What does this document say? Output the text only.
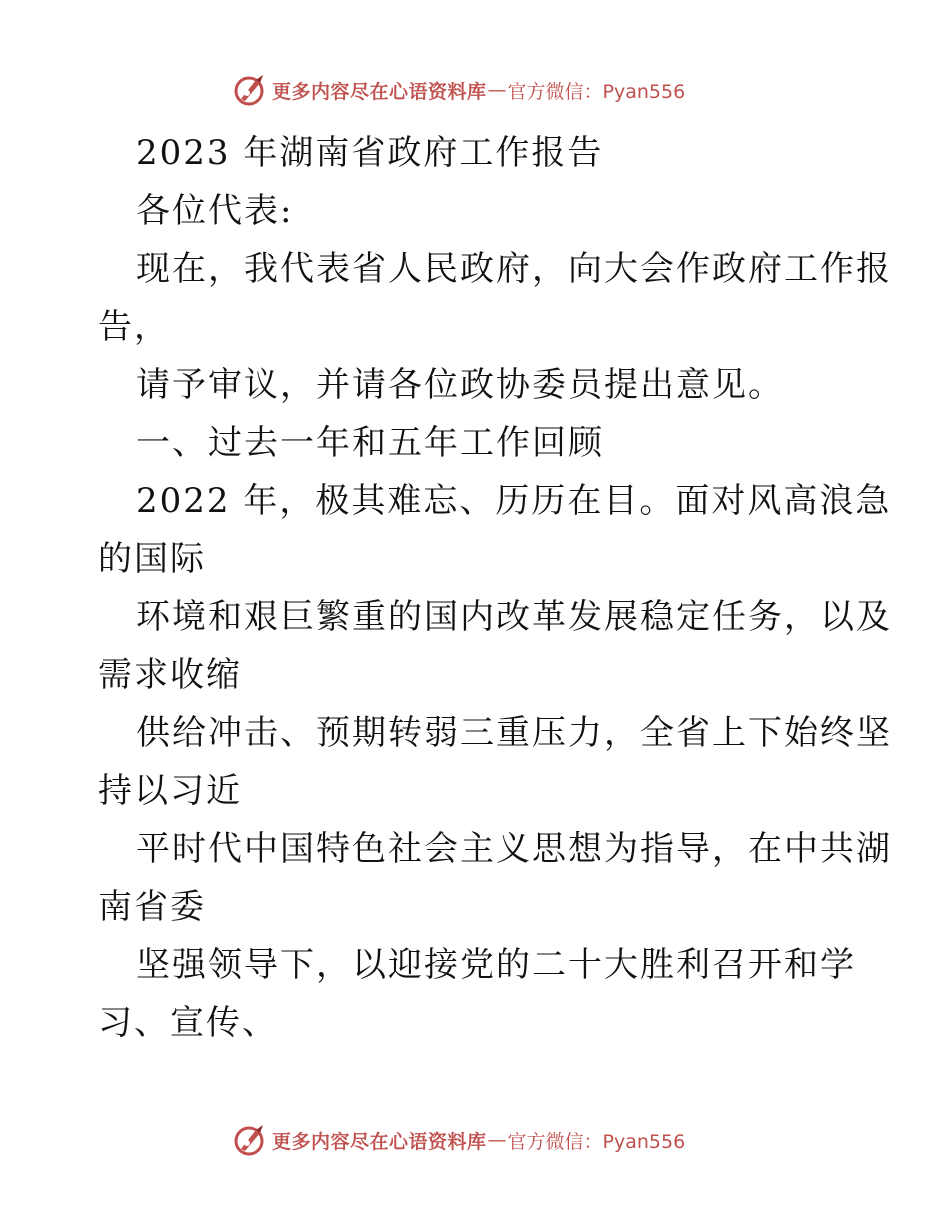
更多内容尽在心语资料库 — 官方微信：Pyan556
2023 年湖南省政府工作报告
各位代表:
现在，我代表省人民政府，向大会作政府工作报
告，
请予审议，并请各位政协委员提出意见。
一、过去一年和五年工作回顾
2022 年，极其难忘、历历在目。面对风高浪急
的国际
环境和艰巨繁重的国内改革发展稳定任务，以及
需求收缩
供给冲击、预期转弱三重压力，全省上下始终坚
持以习近
平时代中国特色社会主义思想为指导，在中共湖
南省委
坚强领导下，以迎接党的二十大胜利召开和学
习、宣传、
更多内容尽在心语资料库 — 官方微信：Pyan556
